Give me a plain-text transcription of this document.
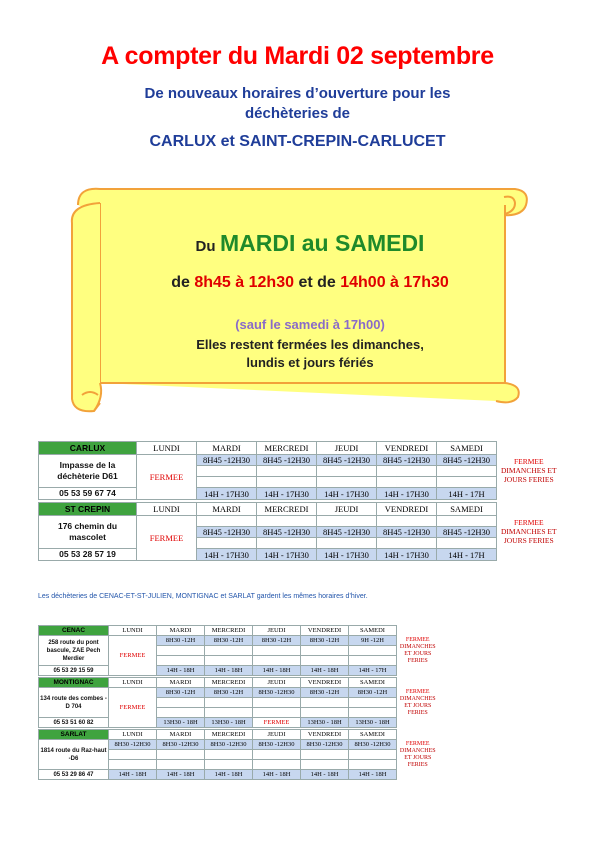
A compter du Mardi 02 septembre
De nouveaux horaires d’ouverture pour les
déchèteries de
CARLUX et SAINT-CREPIN-CARLUCET
Du MARDI au SAMEDI
de 8h45 à 12h30 et de 14h00 à 17h30
(sauf le samedi à 17h00)
Elles restent fermées les dimanches,
lundis et jours fériés
CARLUX	LUNDI	MARDI	MERCREDI	JEUDI	VENDREDI	SAMEDI	FERMEE
DIMANCHES ET JOURS FERIES
Impasse de la déchèterie D61	FERMEE	8H45 -12H30	8H45 -12H30	8H45 -12H30	8H45 -12H30	8H45 -12H30	

05 53 59 67 74		14H - 17H30	14H - 17H30	14H - 17H30	14H - 17H30	14H - 17H	
ST CREPIN	LUNDI	MARDI	MERCREDI	JEUDI	VENDREDI	SAMEDI	FERMEE
DIMANCHES ET JOURS FERIES
176 chemin du mascolet	FERMEE						
		8H45 -12H30	8H45 -12H30	8H45 -12H30	8H45 -12H30	8H45 -12H30	

05 53 28 57 19		14H - 17H30	14H - 17H30	14H - 17H30	14H - 17H30	14H - 17H	
Les déchèteries de CENAC-ET-ST-JULIEN, MONTIGNAC et SARLAT gardent les mêmes horaires d’hiver.
CENAC	LUNDI	MARDI	MERCREDI	JEUDI	VENDREDI	SAMEDI	FERMEE
DIMANCHES ET JOURS FERIES
258 route du pont bascule, ZAE Pech Merdier	FERMEE	8H30 -12H	8H30 -12H	8H30 -12H	8H30 -12H	9H -12H	

05 53 29 15 59		14H - 18H	14H - 18H	14H - 18H	14H - 18H	14H - 17H	
MONTIGNAC	LUNDI	MARDI	MERCREDI	JEUDI	VENDREDI	SAMEDI	FERMEE
DIMANCHES ET JOURS FERIES
134 route des combes - D 704	FERMEE	8H30 -12H	8H30 -12H	8H30 -12H30	8H30 -12H	8H30 -12H	

05 53 51 60 82		13H30 - 18H	13H30 - 18H	FERMEE	13H30 - 18H	13H30 - 18H	
SARLAT	LUNDI	MARDI	MERCREDI	JEUDI	VENDREDI	SAMEDI	FERMEE
DIMANCHES ET JOURS FERIES
1814 route du Raz-haut -D6	8H30 -12H30	8H30 -12H30	8H30 -12H30	8H30 -12H30	8H30 -12H30	8H30 -12H30	

05 53 29 86 47	14H - 18H	14H - 18H	14H - 18H	14H - 18H	14H - 18H	14H - 18H	
